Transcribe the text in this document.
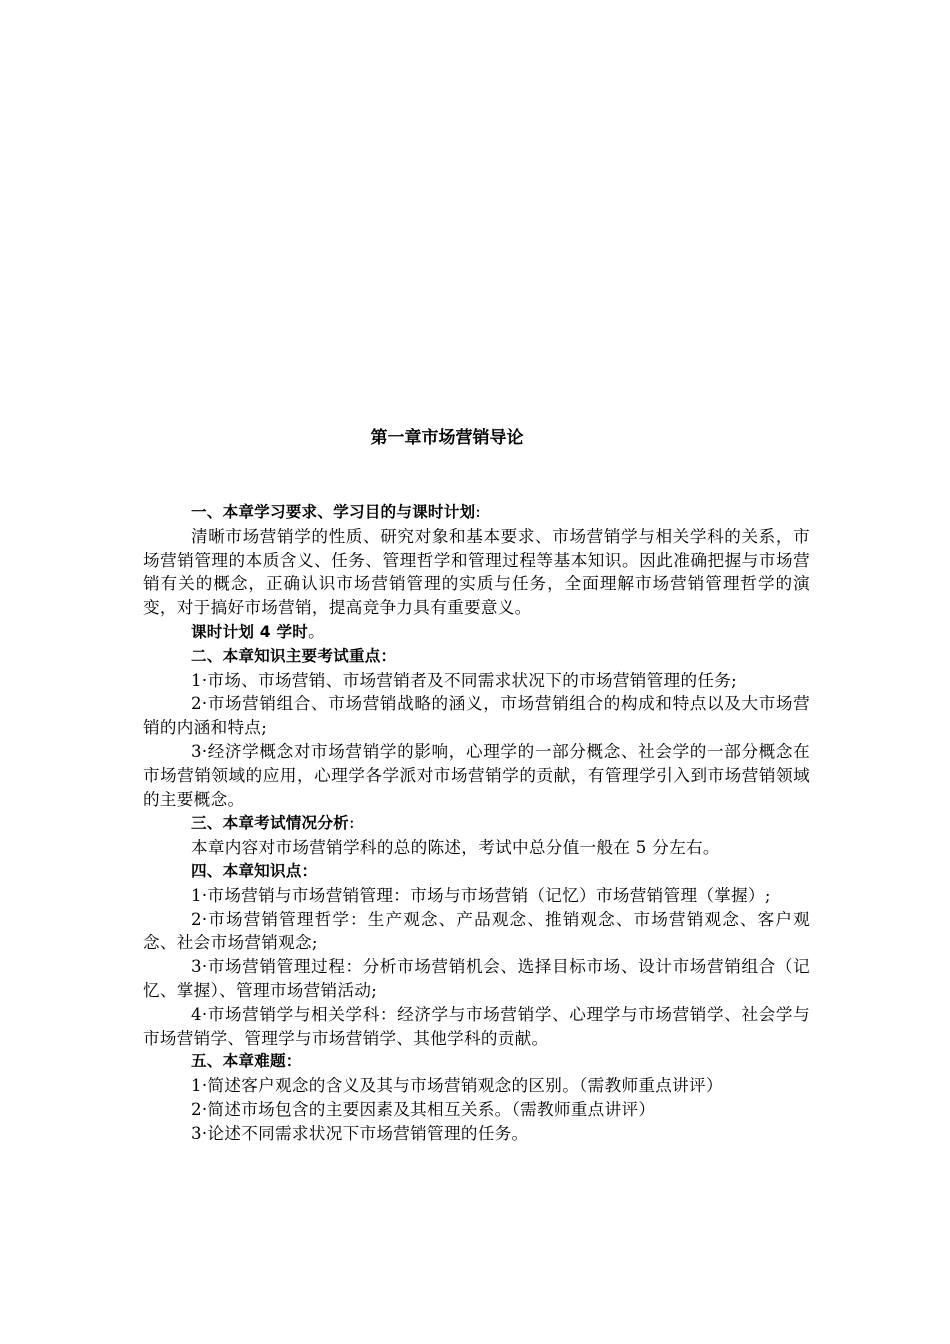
第一章市场营销导论

一、本章学习要求、学习目的与课时计划:

清晰市场营销学的性质、研究对象和基本要求、市场营销学与相关学科的关系，市场营销管理的本质含义、任务、管理哲学和管理过程等基本知识。因此准确把握与市场营销有关的概念，正确认识市场营销管理的实质与任务，全面理解市场营销管理哲学的演变，对于搞好市场营销，提高竞争力具有重要意义。

课时计划 4 学时。

二、本章知识主要考试重点：

1·市场、市场营销、市场营销者及不同需求状况下的市场营销管理的任务;

2·市场营销组合、市场营销战略的涵义，市场营销组合的构成和特点以及大市场营销的内涵和特点;

3·经济学概念对市场营销学的影响，心理学的一部分概念、社会学的一部分概念在市场营销领域的应用，心理学各学派对市场营销学的贡献，有管理学引入到市场营销领域的主要概念。

三、本章考试情况分析:

本章内容对市场营销学科的总的陈述，考试中总分值一般在 5 分左右。

四、本章知识点：

1·市场营销与市场营销管理：市场与市场营销（记忆）市场营销管理（掌握）;

2·市场营销管理哲学：生产观念、产品观念、推销观念、市场营销观念、客户观念、社会市场营销观念;

3·市场营销管理过程：分析市场营销机会、选择目标市场、设计市场营销组合（记忆、掌握）、管理市场营销活动;

4·市场营销学与相关学科：经济学与市场营销学、心理学与市场营销学、社会学与市场营销学、管理学与市场营销学、其他学科的贡献。

五、本章难题：

1·简述客户观念的含义及其与市场营销观念的区别。（需教师重点讲评）

2·简述市场包含的主要因素及其相互关系。（需教师重点讲评）

3·论述不同需求状况下市场营销管理的任务。
